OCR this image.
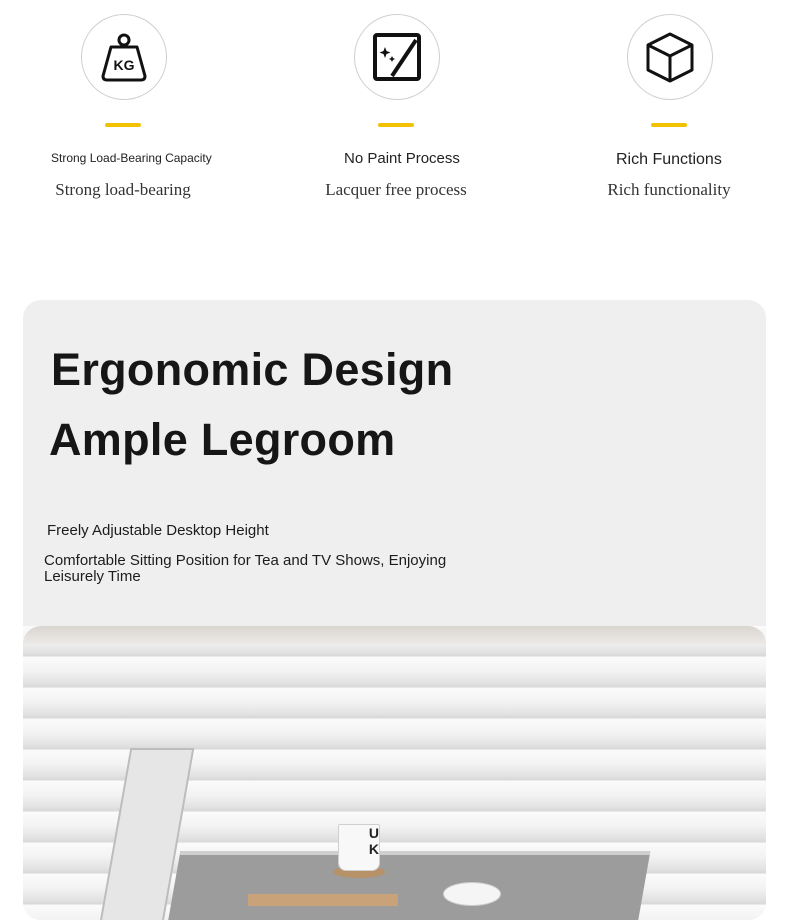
KG
Strong Load-Bearing Capacity
Strong load-bearing
No Paint Process
Lacquer free process
Rich Functions
Rich functionality
Ergonomic Design
Ample Legroom
Freely Adjustable Desktop Height
Comfortable Sitting Position for Tea and TV Shows, Enjoying Leisurely Time
U
K
